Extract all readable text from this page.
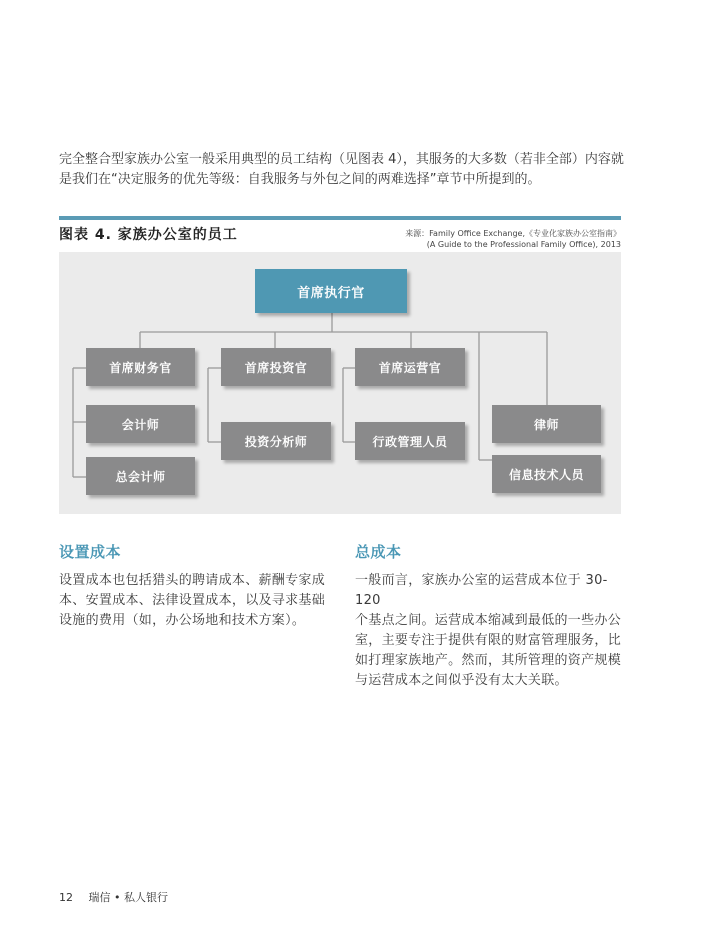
完全整合型家族办公室一般采用典型的员工结构（见图表 4），其服务的大多数（若非全部）内容就

是我们在“决定服务的优先等级：自我服务与外包之间的两难选择”章节中所提到的。

图表 4. 家族办公室的员工	来源：Family Office Exchange,《专业化家族办公室指南》
(A Guide to the Professional Family Office), 2013
首席执行官
首席财务官
会计师
总会计师
首席投资官
投资分析师
首席运营官
行政管理人员
律师
信息技术人员
设置成本

设置成本也包括猎头的聘请成本、薪酬专家成
本、安置成本、法律设置成本，以及寻求基础
设施的费用（如，办公场地和技术方案）。

总成本

一般而言，家族办公室的运营成本位于 30-120
个基点之间。运营成本缩减到最低的一些办公
室，主要专注于提供有限的财富管理服务，比
如打理家族地产。然而，其所管理的资产规模
与运营成本之间似乎没有太大关联。

12 瑞信 • 私人银行
